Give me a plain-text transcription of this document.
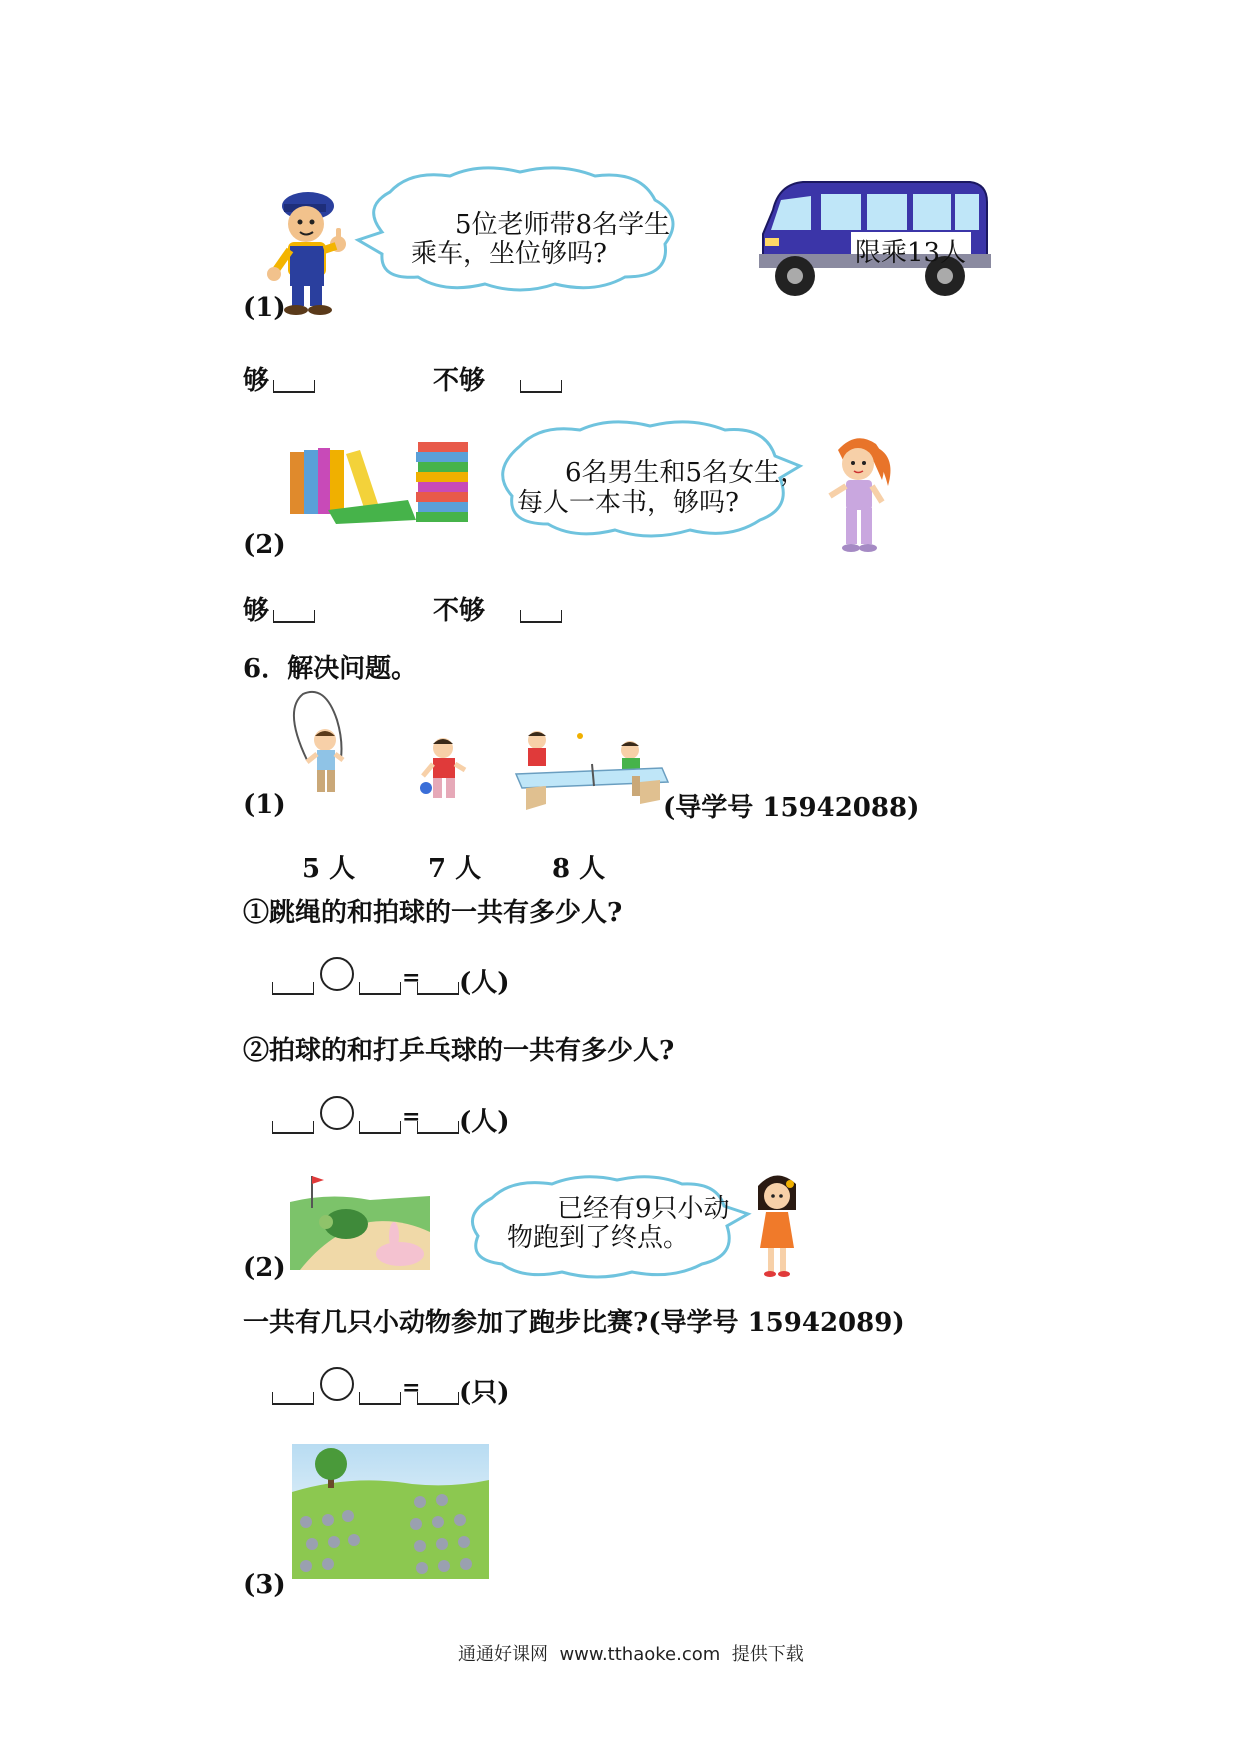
5位老师带8名学生
乘车，坐位够吗?	限乘13人
(1)
够	不够
6名男生和5名女生，
每人一本书，够吗?
(2)
够	不够
6．解决问题。
(1)	(导学号 15942088)
5 人	7 人	8 人
①跳绳的和拍球的一共有多少人?
= (人)
②拍球的和打乒乓球的一共有多少人?
= (人)
已经有9只小动
物跑到了终点。
(2)
一共有几只小动物参加了跑步比赛?(导学号 15942089)
= (只)
(3)
通通好课网  www.tthaoke.com  提供下载
